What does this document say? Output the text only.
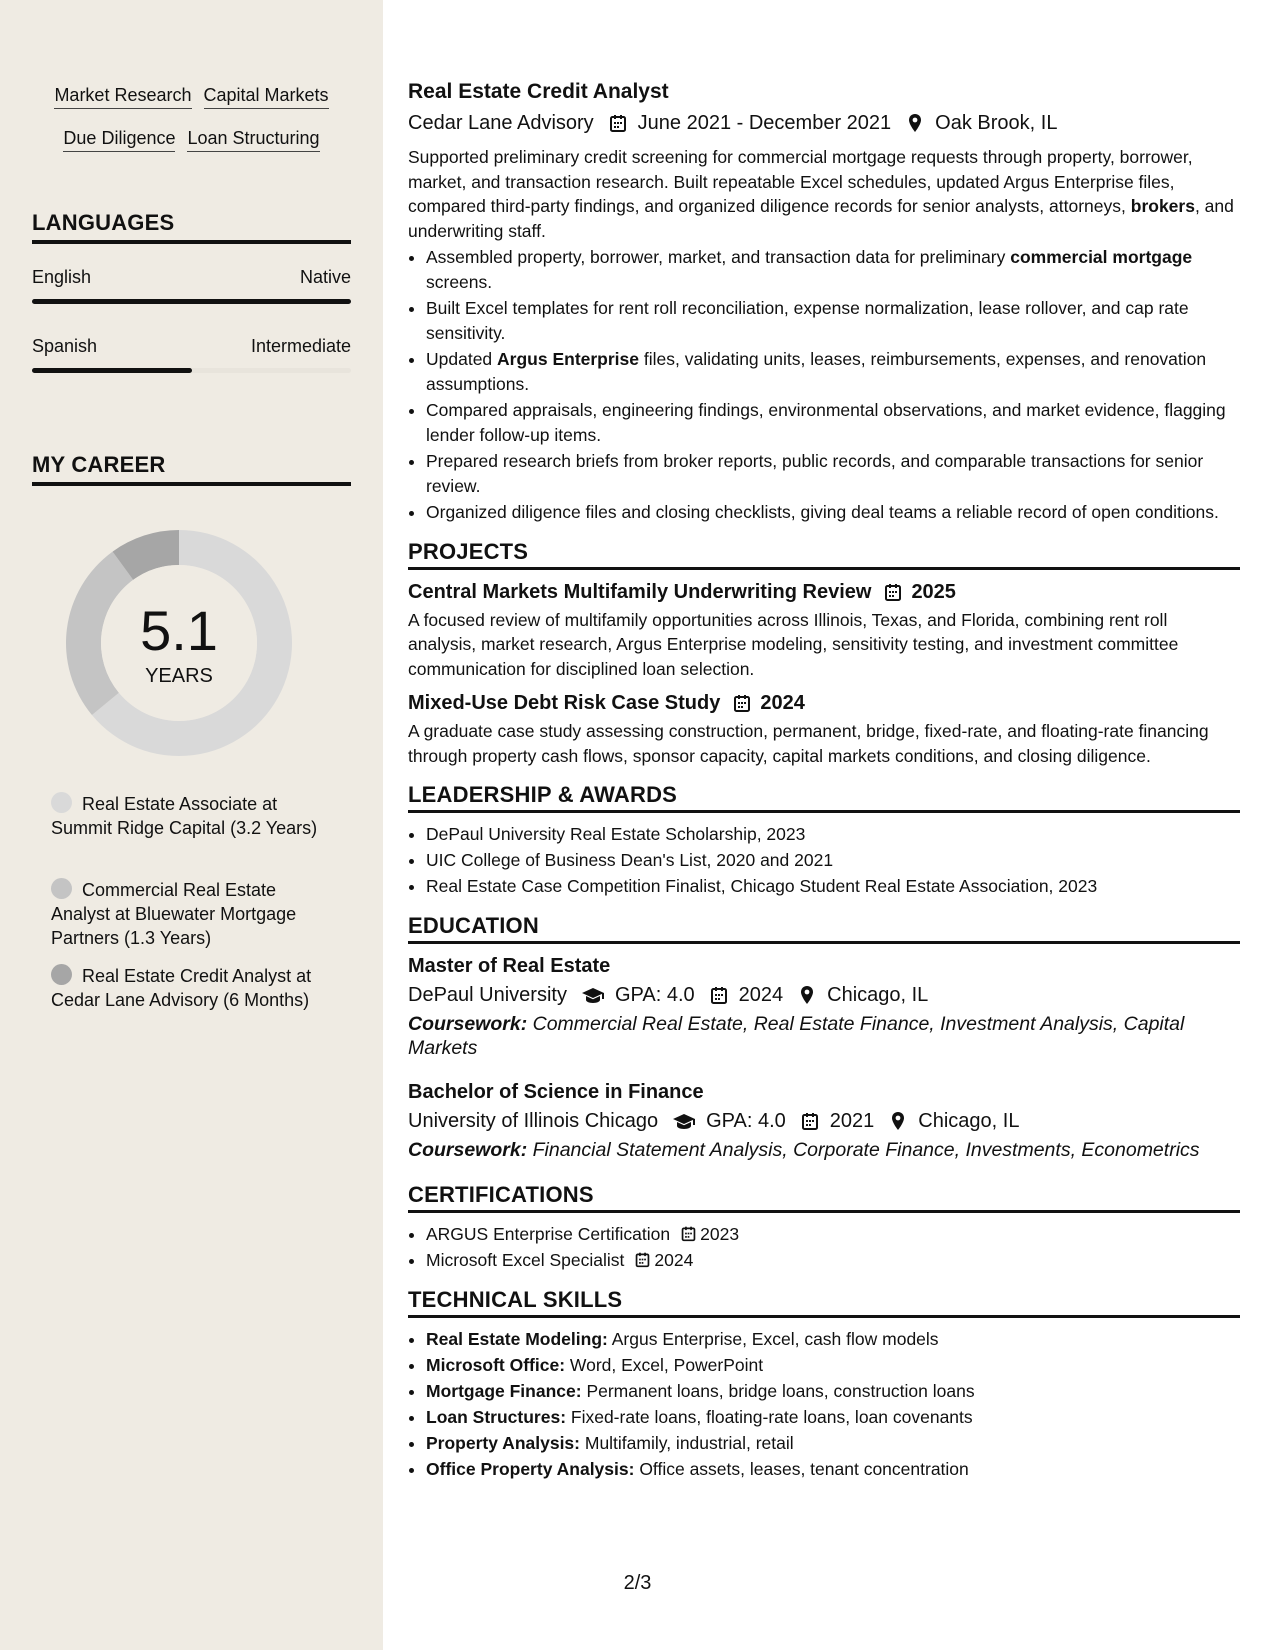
Market Research Capital Markets
Due Diligence Loan Structuring
LANGUAGES
English	Native
Spanish	Intermediate
MY CAREER
5.1
YEARS
Real Estate Associate at Summit Ridge Capital (3.2 Years)
Commercial Real Estate Analyst at Bluewater Mortgage Partners (1.3 Years)
Real Estate Credit Analyst at Cedar Lane Advisory (6 Months)
Real Estate Credit Analyst
Cedar Lane Advisory June 2021 - December 2021 Oak Brook, IL
Supported preliminary credit screening for commercial mortgage requests through property, borrower, market, and transaction research. Built repeatable Excel schedules, updated Argus Enterprise files, compared third-party findings, and organized diligence records for senior analysts, attorneys, brokers, and underwriting staff.
• Assembled property, borrower, market, and transaction data for preliminary commercial mortgage screens.
• Built Excel templates for rent roll reconciliation, expense normalization, lease rollover, and cap rate sensitivity.
• Updated Argus Enterprise files, validating units, leases, reimbursements, expenses, and renovation assumptions.
• Compared appraisals, engineering findings, environmental observations, and market evidence, flagging lender follow-up items.
• Prepared research briefs from broker reports, public records, and comparable transactions for senior review.
• Organized diligence files and closing checklists, giving deal teams a reliable record of open conditions.
PROJECTS
Central Markets Multifamily Underwriting Review 2025
A focused review of multifamily opportunities across Illinois, Texas, and Florida, combining rent roll analysis, market research, Argus Enterprise modeling, sensitivity testing, and investment committee communication for disciplined loan selection.
Mixed-Use Debt Risk Case Study 2024
A graduate case study assessing construction, permanent, bridge, fixed-rate, and floating-rate financing through property cash flows, sponsor capacity, capital markets conditions, and closing diligence.
LEADERSHIP & AWARDS
• DePaul University Real Estate Scholarship, 2023
• UIC College of Business Dean's List, 2020 and 2021
• Real Estate Case Competition Finalist, Chicago Student Real Estate Association, 2023
EDUCATION
Master of Real Estate
DePaul University GPA: 4.0 2024 Chicago, IL
Coursework: Commercial Real Estate, Real Estate Finance, Investment Analysis, Capital Markets
Bachelor of Science in Finance
University of Illinois Chicago GPA: 4.0 2021 Chicago, IL
Coursework: Financial Statement Analysis, Corporate Finance, Investments, Econometrics
CERTIFICATIONS
• ARGUS Enterprise Certification 2023
• Microsoft Excel Specialist 2024
TECHNICAL SKILLS
• Real Estate Modeling: Argus Enterprise, Excel, cash flow models
• Microsoft Office: Word, Excel, PowerPoint
• Mortgage Finance: Permanent loans, bridge loans, construction loans
• Loan Structures: Fixed-rate loans, floating-rate loans, loan covenants
• Property Analysis: Multifamily, industrial, retail
• Office Property Analysis: Office assets, leases, tenant concentration
2/3
